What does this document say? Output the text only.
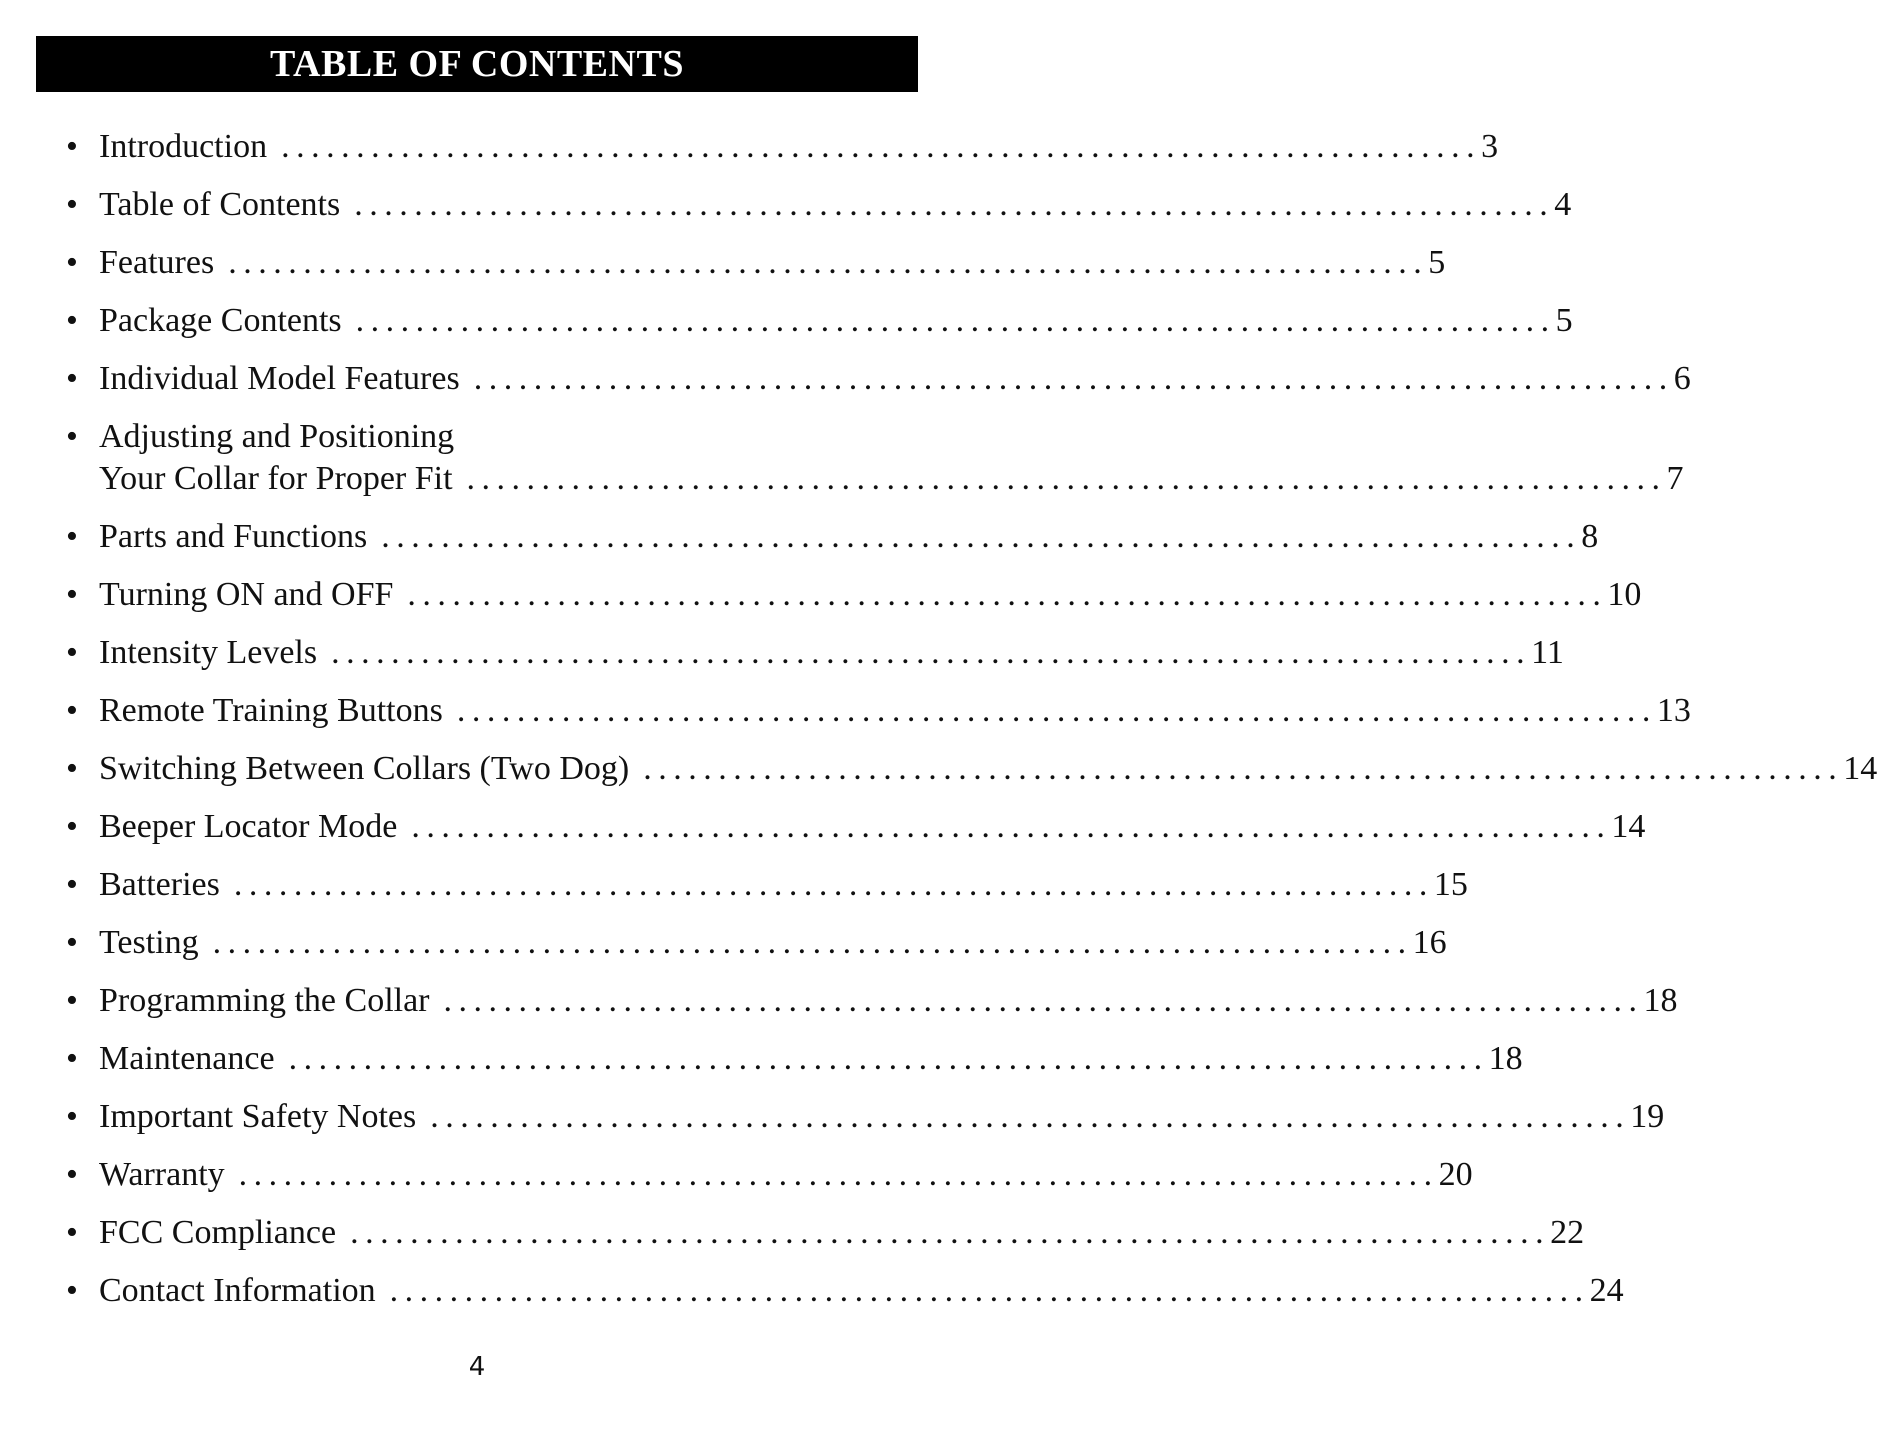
TABLE OF CONTENTS
• Introduction ................................................................................ 3
• Table of Contents ................................................................................ 4
• Features ................................................................................ 5
• Package Contents ................................................................................ 5
• Individual Model Features ................................................................................ 6
• Adjusting and Positioning
Your Collar for Proper Fit ................................................................................ 7
• Parts and Functions ................................................................................ 8
• Turning ON and OFF ................................................................................ 10
• Intensity Levels ................................................................................ 11
• Remote Training Buttons ................................................................................ 13
• Switching Between Collars (Two Dog) ................................................................................ 14
• Beeper Locator Mode ................................................................................ 14
• Batteries ................................................................................ 15
• Testing ................................................................................ 16
• Programming the Collar ................................................................................ 18
• Maintenance ................................................................................ 18
• Important Safety Notes ................................................................................ 19
• Warranty ................................................................................ 20
• FCC Compliance ................................................................................ 22
• Contact Information ................................................................................ 24
4
